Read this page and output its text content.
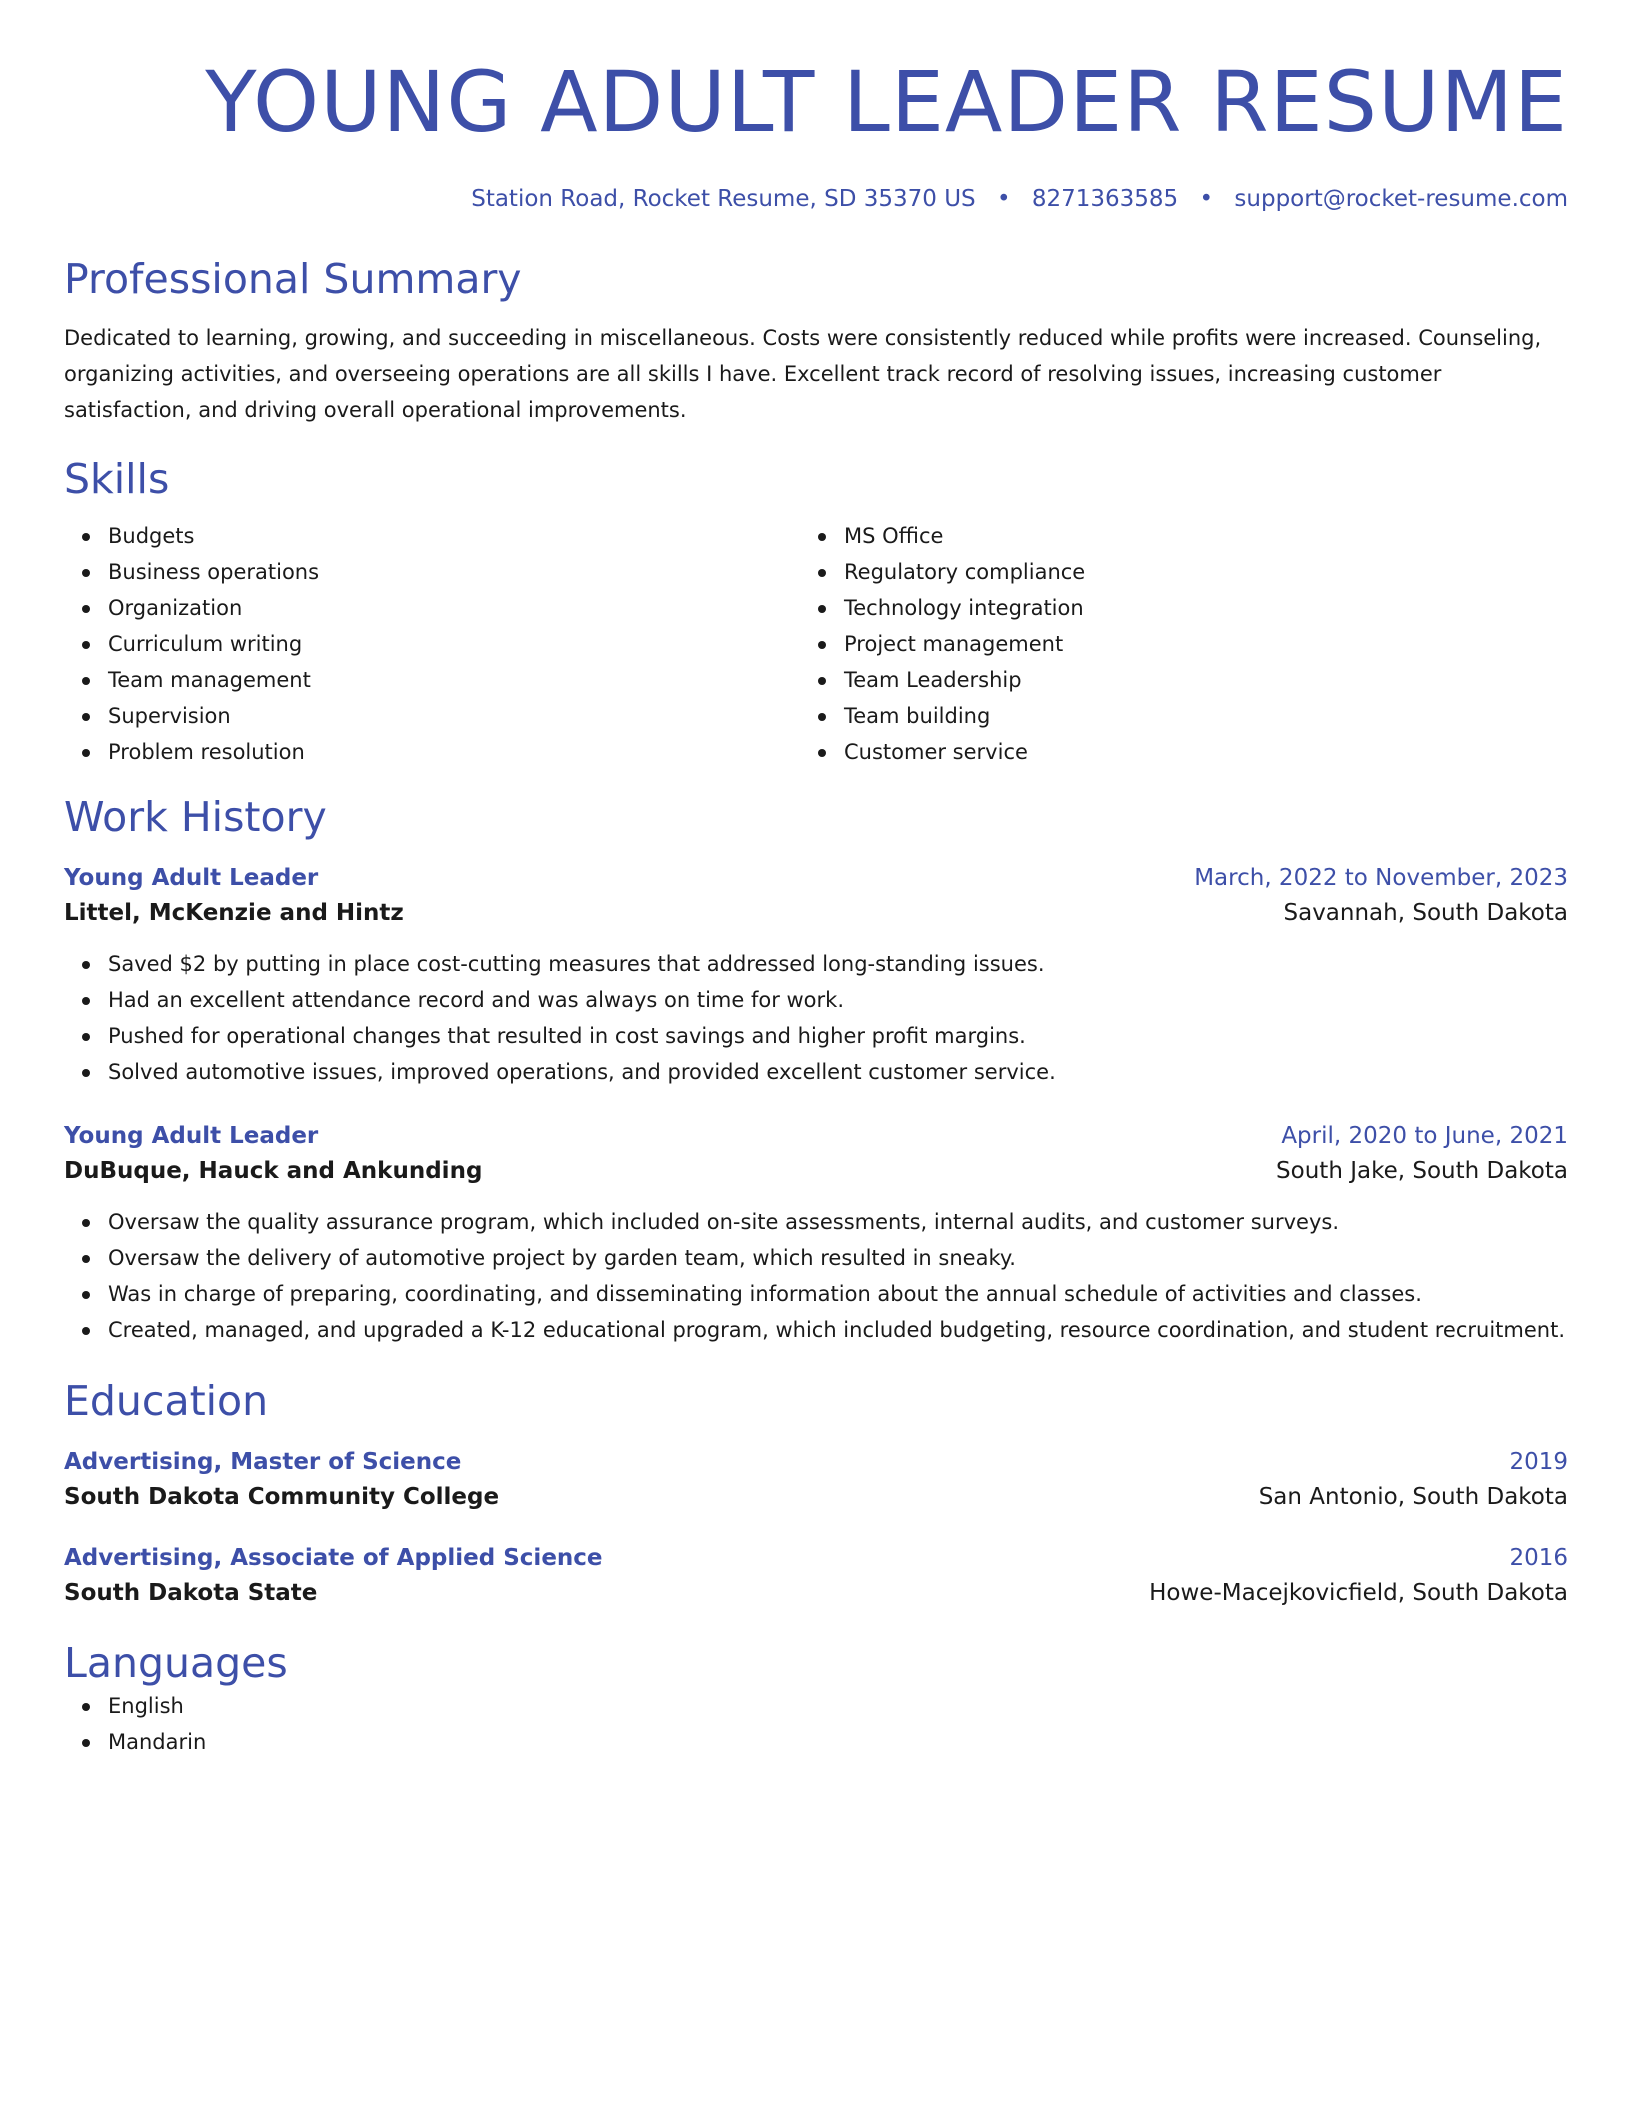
YOUNG ADULT LEADER RESUME
Station Road, Rocket Resume, SD 35370 US • 8271363585 • support@rocket-resume.com
Professional Summary
Dedicated to learning, growing, and succeeding in miscellaneous. Costs were consistently reduced while profits were increased. Counseling, organizing activities, and overseeing operations are all skills I have. Excellent track record of resolving issues, increasing customer satisfaction, and driving overall operational improvements.
Skills
Budgets
Business operations
Organization
Curriculum writing
Team management
Supervision
Problem resolution
MS Office
Regulatory compliance
Technology integration
Project management
Team Leadership
Team building
Customer service
Work History
Young Adult Leader	March, 2022 to November, 2023
Littel, McKenzie and Hintz	Savannah, South Dakota
Saved $2 by putting in place cost-cutting measures that addressed long-standing issues.
Had an excellent attendance record and was always on time for work.
Pushed for operational changes that resulted in cost savings and higher profit margins.
Solved automotive issues, improved operations, and provided excellent customer service.
Young Adult Leader	April, 2020 to June, 2021
DuBuque, Hauck and Ankunding	South Jake, South Dakota
Oversaw the quality assurance program, which included on-site assessments, internal audits, and customer surveys.
Oversaw the delivery of automotive project by garden team, which resulted in sneaky.
Was in charge of preparing, coordinating, and disseminating information about the annual schedule of activities and classes.
Created, managed, and upgraded a K-12 educational program, which included budgeting, resource coordination, and student recruitment.
Education
Advertising, Master of Science	2019
South Dakota Community College	San Antonio, South Dakota
Advertising, Associate of Applied Science	2016
South Dakota State	Howe-Macejkovicfield, South Dakota
Languages
English
Mandarin
